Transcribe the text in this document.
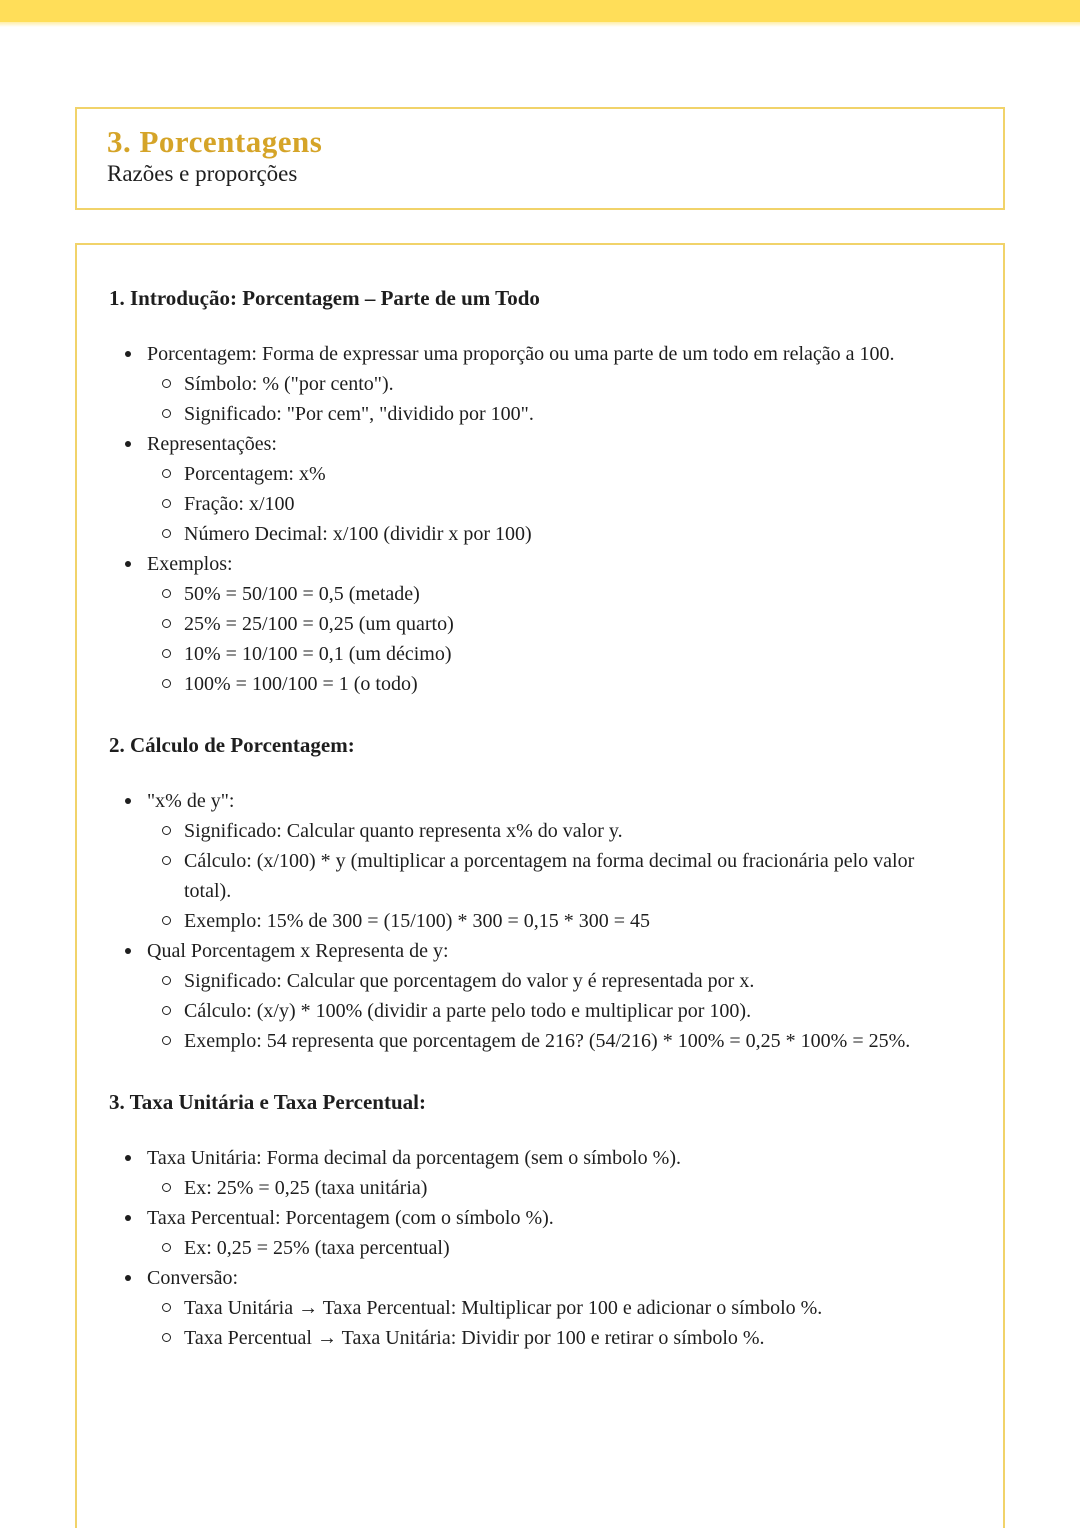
3. Porcentagens
Razões e proporções
1. Introdução: Porcentagem – Parte de um Todo
Porcentagem: Forma de expressar uma proporção ou uma parte de um todo em relação a 100.
Símbolo: % ("por cento").
Significado: "Por cem", "dividido por 100".
Representações:
Porcentagem: x%
Fração: x/100
Número Decimal: x/100 (dividir x por 100)
Exemplos:
50% = 50/100 = 0,5 (metade)
25% = 25/100 = 0,25 (um quarto)
10% = 10/100 = 0,1 (um décimo)
100% = 100/100 = 1 (o todo)
2. Cálculo de Porcentagem:
"x% de y":
Significado: Calcular quanto representa x% do valor y.
Cálculo: (x/100) * y (multiplicar a porcentagem na forma decimal ou fracionária pelo valor total).
Exemplo: 15% de 300 = (15/100) * 300 = 0,15 * 300 = 45
Qual Porcentagem x Representa de y:
Significado: Calcular que porcentagem do valor y é representada por x.
Cálculo: (x/y) * 100% (dividir a parte pelo todo e multiplicar por 100).
Exemplo: 54 representa que porcentagem de 216? (54/216) * 100% = 0,25 * 100% = 25%.
3. Taxa Unitária e Taxa Percentual:
Taxa Unitária: Forma decimal da porcentagem (sem o símbolo %).
Ex: 25% = 0,25 (taxa unitária)
Taxa Percentual: Porcentagem (com o símbolo %).
Ex: 0,25 = 25% (taxa percentual)
Conversão:
Taxa Unitária → Taxa Percentual: Multiplicar por 100 e adicionar o símbolo %.
Taxa Percentual → Taxa Unitária: Dividir por 100 e retirar o símbolo %.
